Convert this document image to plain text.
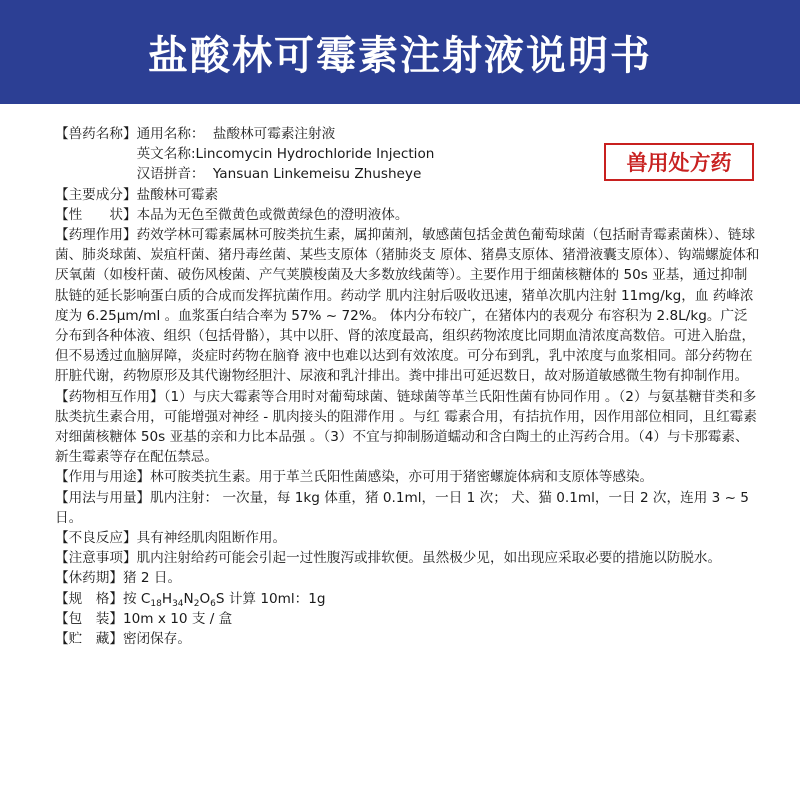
盐酸林可霉素注射液说明书
兽用处方药
【兽药名称】 通用名称： 盐酸林可霉素注射液
英文名称:Lincomycin Hydrochloride Injection
汉语拼音： Yansuan Linkemeisu Zhusheye

【主要成分】盐酸林可霉素

【性　　状】本品为无色至微黄色或微黄绿色的澄明液体。

【药理作用】药效学林可霉素属林可胺类抗生素，属抑菌剂，敏感菌包括金黄色葡萄球菌（包括耐青霉素菌株）、链球菌、肺炎球菌、炭疽杆菌、猪丹毒丝菌、某些支原体（猪肺炎支 原体、猪鼻支原体、猪滑液囊支原体）、钩端螺旋体和厌氧菌（如梭杆菌、破伤风梭菌、产气荚膜梭菌及大多数放线菌等）。主要作用于细菌核糖体的 50s 亚基，通过抑制肽链的延长影响蛋白质的合成而发挥抗菌作用。药动学 肌内注射后吸收迅速，猪单次肌内注射 11mg/kg，血 药峰浓度为 6.25μm/ml 。血浆蛋白结合率为 57% ~ 72%。 体内分布较广，在猪体内的表观分 布容积为 2.8L/kg。广泛分布到各种体液、组织（包括骨骼），其中以肝、肾的浓度最高，组织药物浓度比同期血清浓度高数倍。可进入胎盘，但不易透过血脑屏障，炎症时药物在脑脊 液中也难以达到有效浓度。可分布到乳，乳中浓度与血浆相同。部分药物在肝脏代谢，药物原形及其代谢物经胆汁、尿液和乳汁排出。粪中排出可延迟数日，故对肠道敏感微生物有抑制作用。

【药物相互作用】（1）与庆大霉素等合用时对葡萄球菌、链球菌等革兰氏阳性菌有协同作用 。（2）与氨基糖苷类和多肽类抗生素合用，可能增强对神经 - 肌肉接头的阻滞作用 。与红 霉素合用，有拮抗作用，因作用部位相同，且红霉素对细菌核糖体 50s 亚基的亲和力比本品强 。（3）不宜与抑制肠道蠕动和含白陶土的止泻药合用。（4）与卡那霉素、新生霉素等存在配伍禁忌。

【作用与用途】林可胺类抗生素。用于革兰氏阳性菌感染，亦可用于猪密螺旋体病和支原体等感染。

【用法与用量】肌内注射： 一次量，每 1kg 体重，猪 0.1ml，一日 1 次； 犬、猫 0.1ml，一日 2 次，连用 3 ~ 5 日。

【不良反应】具有神经肌肉阻断作用。

【注意事项】肌内注射给药可能会引起一过性腹泻或排软便。虽然极少见，如出现应采取必要的措施以防脱水。

【休药期】猪 2 日。

【规　格】按 $C_{18}H_{34}N_2O_6S$ 计算 10ml：1g

【包　装】10m x 10 支 / 盒

【贮　藏】密闭保存。
